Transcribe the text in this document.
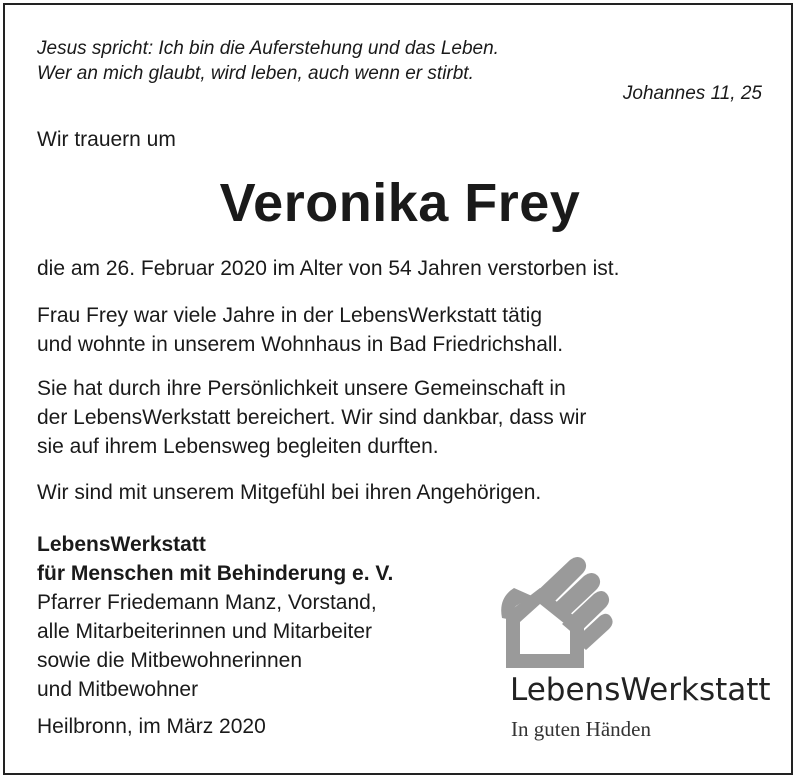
Jesus spricht: Ich bin die Auferstehung und das Leben.
Wer an mich glaubt, wird leben, auch wenn er stirbt.
Johannes 11, 25
Wir trauern um
Veronika Frey
die am 26. Februar 2020 im Alter von 54 Jahren verstorben ist.
Frau Frey war viele Jahre in der LebensWerkstatt tätig
und wohnte in unserem Wohnhaus in Bad Friedrichshall.
Sie hat durch ihre Persönlichkeit unsere Gemeinschaft in
der LebensWerkstatt bereichert. Wir sind dankbar, dass wir
sie auf ihrem Lebensweg begleiten durften.
Wir sind mit unserem Mitgefühl bei ihren Angehörigen.
LebensWerkstatt
für Menschen mit Behinderung e. V.
Pfarrer Friedemann Manz, Vorstand,
alle Mitarbeiterinnen und Mitarbeiter
sowie die Mitbewohnerinnen
und Mitbewohner
Heilbronn, im März 2020
LebensWerkstatt
In guten Händen
